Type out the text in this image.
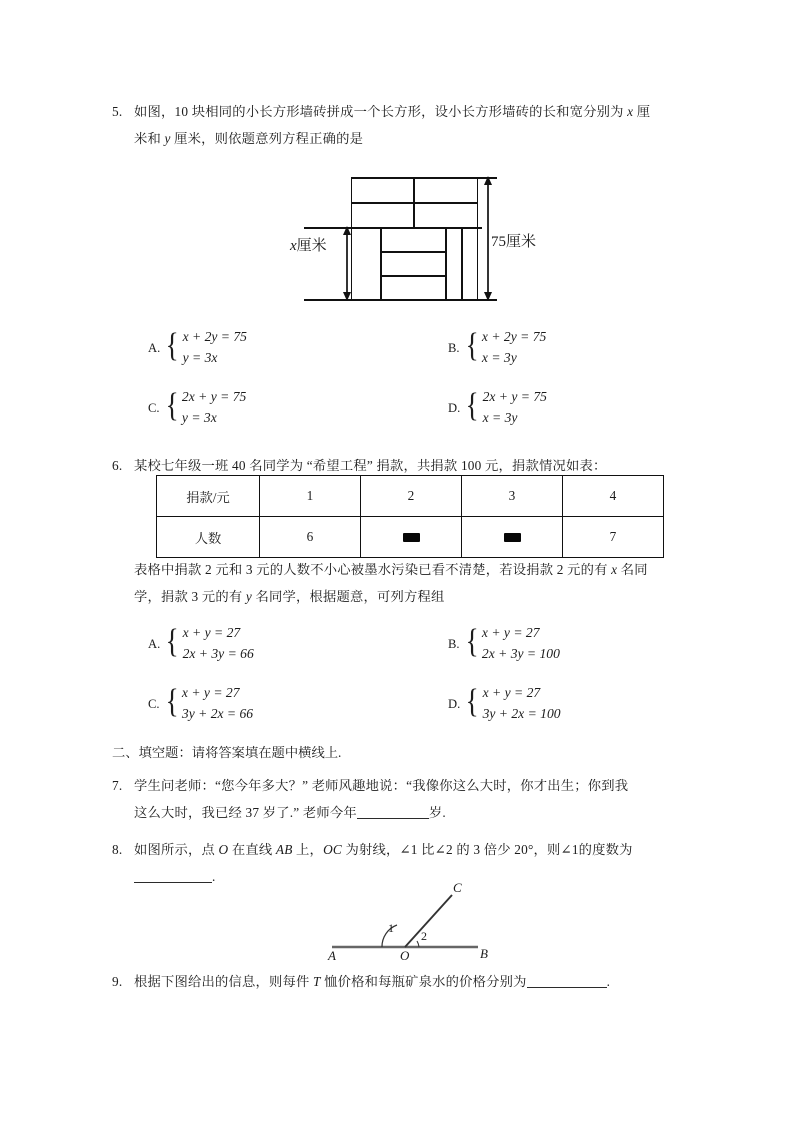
5. 如图，10 块相同的小长方形墙砖拼成一个长方形，设小长方形墙砖的长和宽分别为 x 厘
米和 y 厘米，则依题意列方程正确的是
x厘米	75厘米
A. { x + 2y = 75
y = 3x
B. { x + 2y = 75
x = 3y
C. { 2x + y = 75
y = 3x
D. { 2x + y = 75
x = 3y
6. 某校七年级一班 40 名同学为 “希望工程” 捐款，共捐款 100 元，捐款情况如表：
捐款/元	1	2	3	4
人数	6			7
表格中捐款 2 元和 3 元的人数不小心被墨水污染已看不清楚，若设捐款 2 元的有 x 名同
学，捐款 3 元的有 y 名同学，根据题意，可列方程组
A. { x + y = 27
2x + 3y = 66
B. { x + y = 27
2x + 3y = 100
C. { x + y = 27
3y + 2x = 66
D. { x + y = 27
3y + 2x = 100
二、填空题：请将答案填在题中横线上.
7. 学生问老师：“您今年多大？” 老师风趣地说：“我像你这么大时，你才出生；你到我
这么大时，我已经 37 岁了.” 老师今年	岁.
8. 如图所示，点 O 在直线 AB 上，OC 为射线，∠1 比∠2 的 3 倍少 20°，则∠1的度数为
.
A	B
C
O
1
2
9. 根据下图给出的信息，则每件 T 恤价格和每瓶矿泉水的价格分别为	.
